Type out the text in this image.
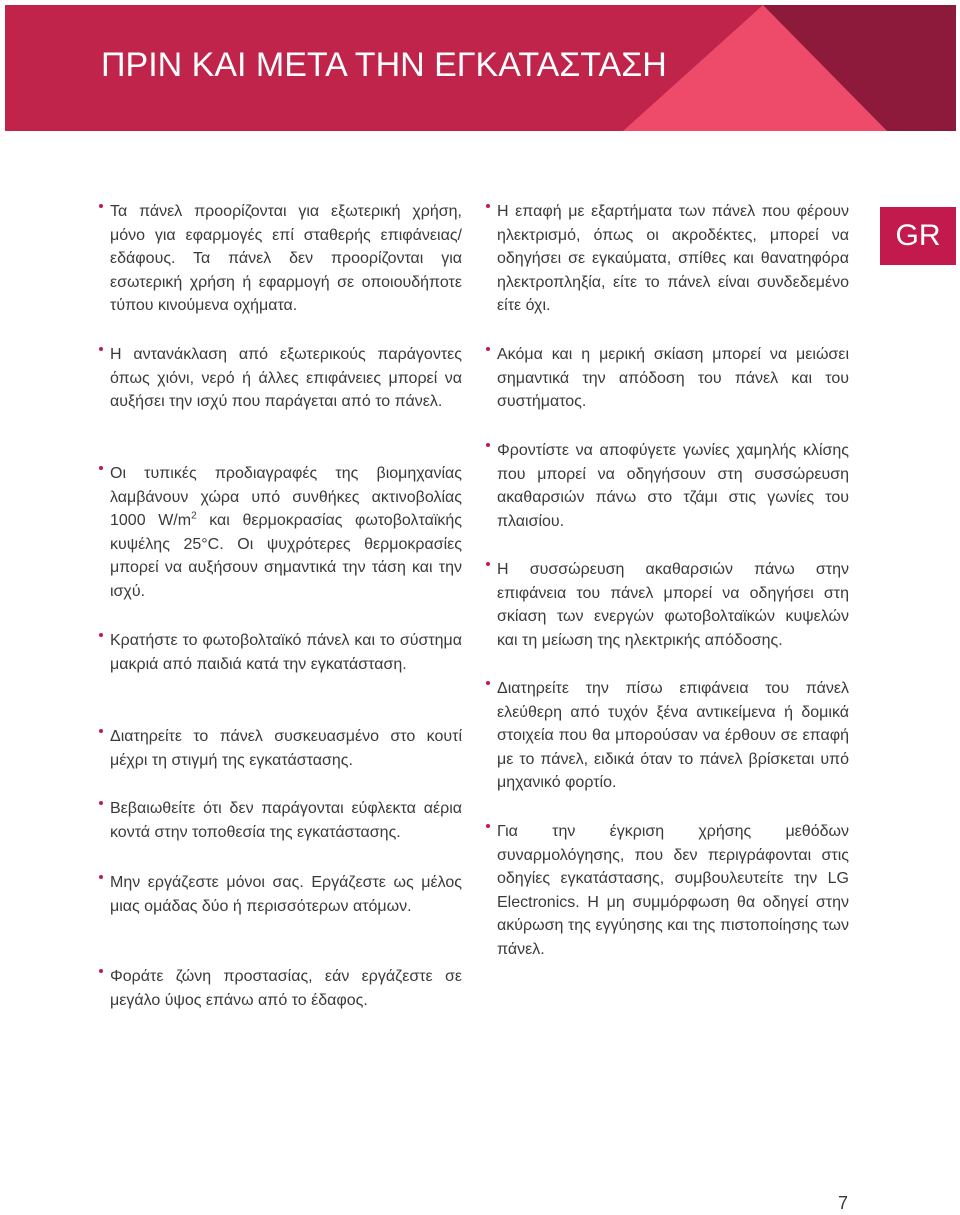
ΠΡΙΝ ΚΑΙ ΜΕΤΑ ΤΗΝ ΕΓΚΑΤΑΣΤΑΣΗ
GR

Τα πάνελ προορίζονται για εξωτερική χρήση, μόνο για εφαρμογές επί σταθερής επιφάνειας/εδάφους. Τα πάνελ δεν προορίζονται για εσωτερική χρήση ή εφαρμογή σε οποιουδήποτε τύπου κινούμενα οχήματα.

Η αντανάκλαση από εξωτερικούς παράγοντες όπως χιόνι, νερό ή άλλες επιφάνειες μπορεί να αυξήσει την ισχύ που παράγεται από το πάνελ.

Οι τυπικές προδιαγραφές της βιομηχανίας λαμβάνουν χώρα υπό συνθήκες ακτινοβολίας 1000 $W/m^2$ και θερμοκρασίας φωτοβολταϊκής κυψέλης 25°C. Οι ψυχρότερες θερμοκρασίες μπορεί να αυξήσουν σημαντικά την τάση και την ισχύ.

Κρατήστε το φωτοβολταϊκό πάνελ και το σύστημα μακριά από παιδιά κατά την εγκατάσταση.

Διατηρείτε το πάνελ συσκευασμένο στο κουτί μέχρι τη στιγμή της εγκατάστασης.

Βεβαιωθείτε ότι δεν παράγονται εύφλεκτα αέρια κοντά στην τοποθεσία της εγκατάστασης.

Μην εργάζεστε μόνοι σας. Εργάζεστε ως μέλος μιας ομάδας δύο ή περισσότερων ατόμων.

Φοράτε ζώνη προστασίας, εάν εργάζεστε σε μεγάλο ύψος επάνω από το έδαφος.

Η επαφή με εξαρτήματα των πάνελ που φέρουν ηλεκτρισμό, όπως οι ακροδέκτες, μπορεί να οδηγήσει σε εγκαύματα, σπίθες και θανατηφόρα ηλεκτροπληξία, είτε το πάνελ είναι συνδεδεμένο είτε όχι.

Ακόμα και η μερική σκίαση μπορεί να μειώσει σημαντικά την απόδοση του πάνελ και του συστήματος.

Φροντίστε να αποφύγετε γωνίες χαμηλής κλίσης που μπορεί να οδηγήσουν στη συσσώρευση ακαθαρσιών πάνω στο τζάμι στις γωνίες του πλαισίου.

Η συσσώρευση ακαθαρσιών πάνω στην επιφάνεια του πάνελ μπορεί να οδηγήσει στη σκίαση των ενεργών φωτοβολταϊκών κυψελών και τη μείωση της ηλεκτρικής απόδοσης.

Διατηρείτε την πίσω επιφάνεια του πάνελ ελεύθερη από τυχόν ξένα αντικείμενα ή δομικά στοιχεία που θα μπορούσαν να έρθουν σε επαφή με το πάνελ, ειδικά όταν το πάνελ βρίσκεται υπό μηχανικό φορτίο.

Για την έγκριση χρήσης μεθόδων συναρμολόγησης, που δεν περιγράφονται στις οδηγίες εγκατάστασης, συμβουλευτείτε την LG Electronics. Η μη συμμόρφωση θα οδηγεί στην ακύρωση της εγγύησης και της πιστοποίησης των πάνελ.

7
